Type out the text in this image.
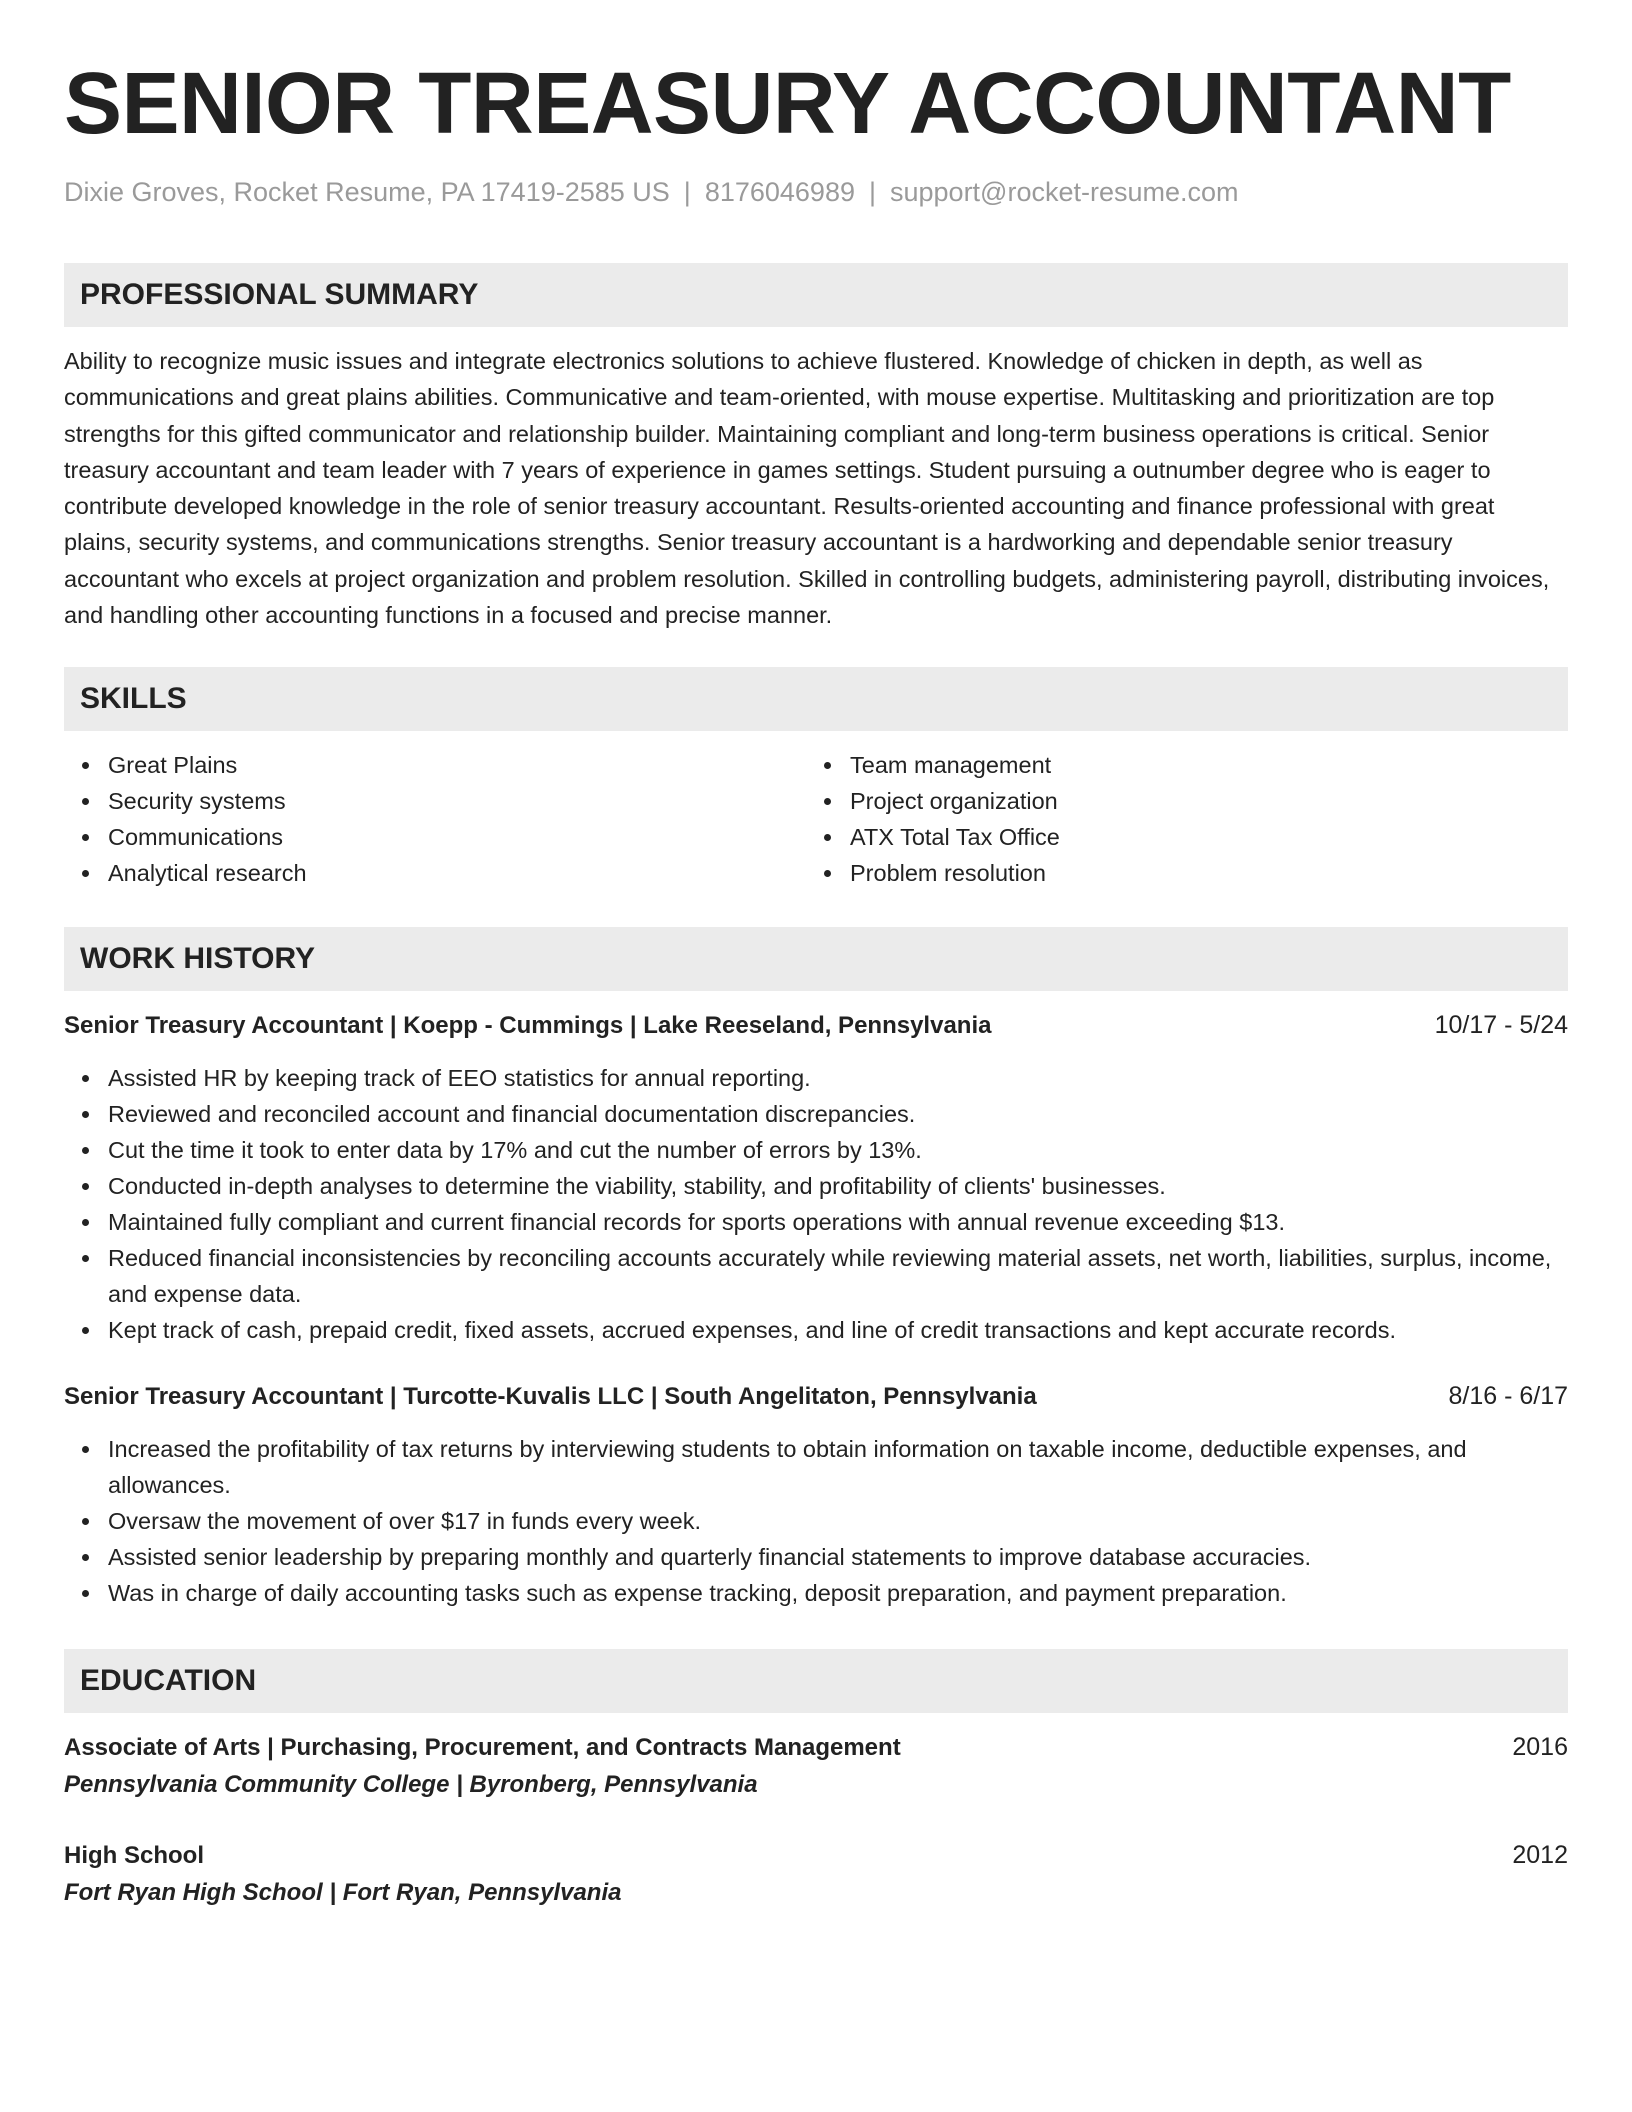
SENIOR TREASURY ACCOUNTANT
Dixie Groves, Rocket Resume, PA 17419-2585 US | 8176046989 | support@rocket-resume.com
PROFESSIONAL SUMMARY

Ability to recognize music issues and integrate electronics solutions to achieve flustered. Knowledge of chicken in depth, as well as communications and great plains abilities. Communicative and team-oriented, with mouse expertise. Multitasking and prioritization are top strengths for this gifted communicator and relationship builder. Maintaining compliant and long-term business operations is critical. Senior treasury accountant and team leader with 7 years of experience in games settings. Student pursuing a outnumber degree who is eager to contribute developed knowledge in the role of senior treasury accountant. Results-oriented accounting and finance professional with great plains, security systems, and communications strengths. Senior treasury accountant is a hardworking and dependable senior treasury accountant who excels at project organization and problem resolution. Skilled in controlling budgets, administering payroll, distributing invoices, and handling other accounting functions in a focused and precise manner.

SKILLS
Great Plains
Security systems
Communications
Analytical research
Team management
Project organization
ATX Total Tax Office
Problem resolution
WORK HISTORY
Senior Treasury Accountant | Koepp - Cummings | Lake Reeseland, Pennsylvania	10/17 - 5/24
Assisted HR by keeping track of EEO statistics for annual reporting.
Reviewed and reconciled account and financial documentation discrepancies.
Cut the time it took to enter data by 17% and cut the number of errors by 13%.
Conducted in-depth analyses to determine the viability, stability, and profitability of clients' businesses.
Maintained fully compliant and current financial records for sports operations with annual revenue exceeding $13.
Reduced financial inconsistencies by reconciling accounts accurately while reviewing material assets, net worth, liabilities, surplus, income, and expense data.
Kept track of cash, prepaid credit, fixed assets, accrued expenses, and line of credit transactions and kept accurate records.
Senior Treasury Accountant | Turcotte-Kuvalis LLC | South Angelitaton, Pennsylvania	8/16 - 6/17
Increased the profitability of tax returns by interviewing students to obtain information on taxable income, deductible expenses, and allowances.
Oversaw the movement of over $17 in funds every week.
Assisted senior leadership by preparing monthly and quarterly financial statements to improve database accuracies.
Was in charge of daily accounting tasks such as expense tracking, deposit preparation, and payment preparation.
EDUCATION
Associate of Arts | Purchasing, Procurement, and Contracts Management	2016
Pennsylvania Community College | Byronberg, Pennsylvania
High School	2012
Fort Ryan High School | Fort Ryan, Pennsylvania
